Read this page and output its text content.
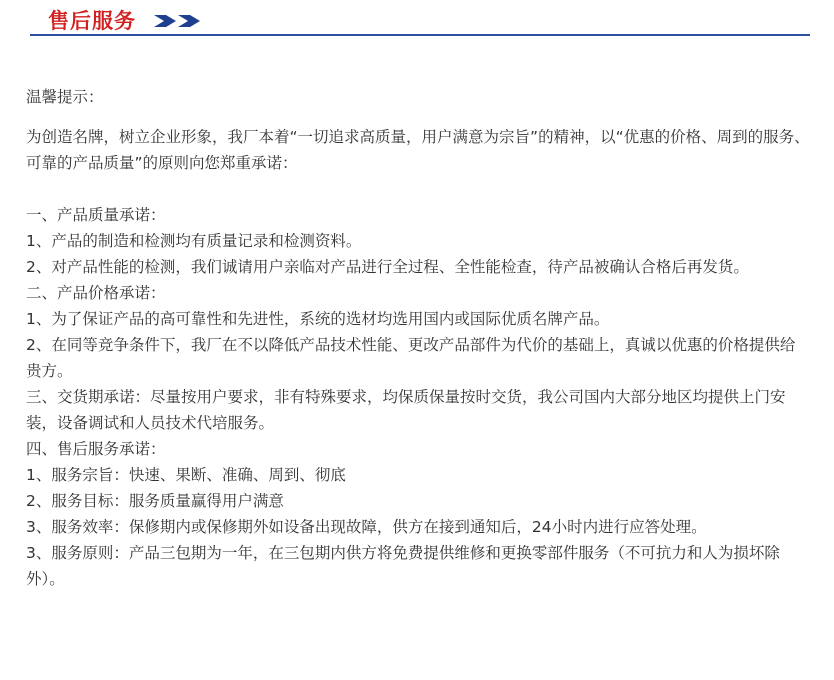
售后服务

温馨提示：

为创造名牌，树立企业形象，我厂本着“一切追求高质量，用户满意为宗旨”的精神，以“优惠的价格、周到的服务、可靠的产品质量”的原则向您郑重承诺：

一、产品质量承诺：

1、产品的制造和检测均有质量记录和检测资料。

2、对产品性能的检测，我们诚请用户亲临对产品进行全过程、全性能检查，待产品被确认合格后再发货。

二、产品价格承诺：

1、为了保证产品的高可靠性和先进性，系统的选材均选用国内或国际优质名牌产品。

2、在同等竞争条件下，我厂在不以降低产品技术性能、更改产品部件为代价的基础上，真诚以优惠的价格提供给贵方。

三、交货期承诺：尽量按用户要求，非有特殊要求，均保质保量按时交货，我公司国内大部分地区均提供上门安装，设备调试和人员技术代培服务。

四、售后服务承诺：

1、服务宗旨：快速、果断、准确、周到、彻底

2、服务目标：服务质量赢得用户满意

3、服务效率：保修期内或保修期外如设备出现故障，供方在接到通知后，24小时内进行应答处理。

3、服务原则：产品三包期为一年，在三包期内供方将免费提供维修和更换零部件服务（不可抗力和人为损坏除外）。
